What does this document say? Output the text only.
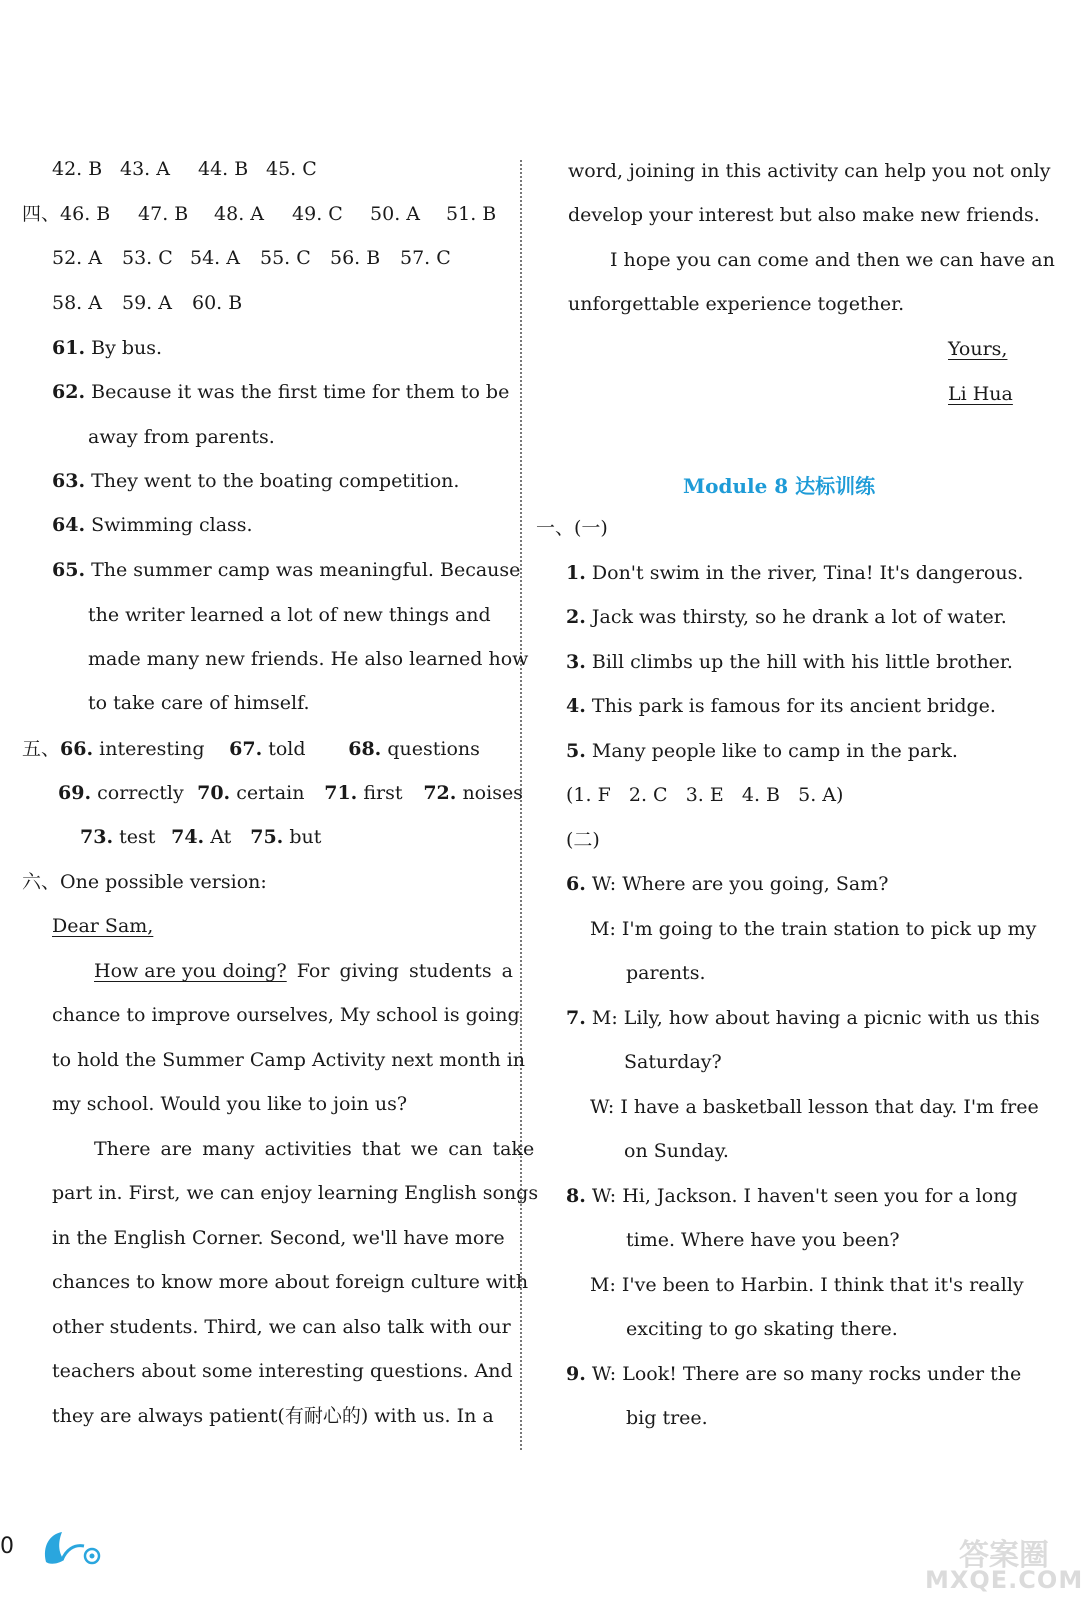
42. B 43. A 44. B 45. C
四、46. B 47. B 48. A 49. C 50. A 51. B
52. A 53. C 54. A 55. C 56. B 57. C
58. A 59. A 60. B
61. By bus.
62. Because it was the first time for them to be
away from parents.
63. They went to the boating competition.
64. Swimming class.
65. The summer camp was meaningful. Because
the writer learned a lot of new things and
made many new friends. He also learned how
to take care of himself.
五、66. interesting 67. told 68. questions
69. correctly 70. certain 71. first 72. noises
73. test 74. At 75. but
六、One possible version:
Dear Sam,
How are you doing? For giving students a
chance to improve ourselves, My school is going
to hold the Summer Camp Activity next month in
my school. Would you like to join us?
There are many activities that we can take
part in. First, we can enjoy learning English songs
in the English Corner. Second, we'll have more
chances to know more about foreign culture with
other students. Third, we can also talk with our
teachers about some interesting questions. And
they are always patient(有耐心的) with us. In a
word, joining in this activity can help you not only
develop your interest but also make new friends.
I hope you can come and then we can have an
unforgettable experience together.
Yours,
Li Hua
Module 8 达标训练
一、(一)
1. Don't swim in the river, Tina! It's dangerous.
2. Jack was thirsty, so he drank a lot of water.
3. Bill climbs up the hill with his little brother.
4. This park is famous for its ancient bridge.
5. Many people like to camp in the park.
(1. F   2. C   3. E   4. B   5. A)
(二)
6. W: Where are you going, Sam?
M: I'm going to the train station to pick up my
parents.
7. M: Lily, how about having a picnic with us this
Saturday?
W: I have a basketball lesson that day. I'm free
on Sunday.
8. W: Hi, Jackson. I haven't seen you for a long
time. Where have you been?
M: I've been to Harbin. I think that it's really
exciting to go skating there.
9. W: Look! There are so many rocks under the
big tree.
0	答案圈
MXQE.COM
